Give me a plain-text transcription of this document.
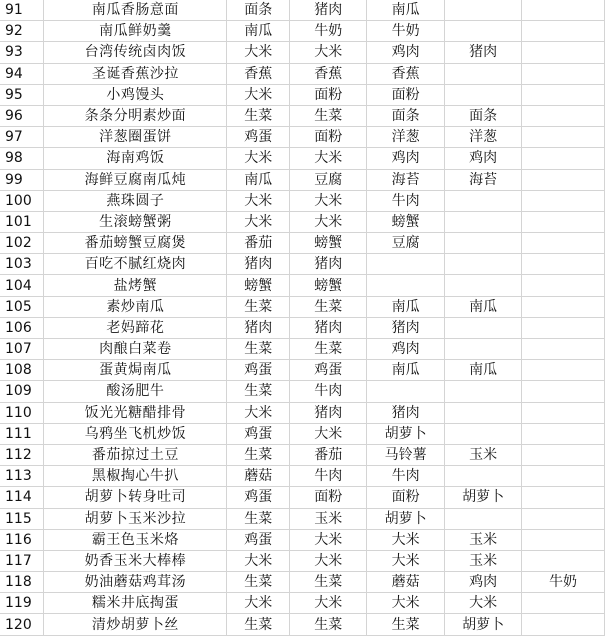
91	南瓜香肠意面	面条	猪肉	南瓜		
92	南瓜鲜奶羹	南瓜	牛奶	牛奶		
93	台湾传统卤肉饭	大米	大米	鸡肉	猪肉	
94	圣诞香蕉沙拉	香蕉	香蕉	香蕉		
95	小鸡馒头	大米	面粉	面粉		
96	条条分明素炒面	生菜	生菜	面条	面条	
97	洋葱圈蛋饼	鸡蛋	面粉	洋葱	洋葱	
98	海南鸡饭	大米	大米	鸡肉	鸡肉	
99	海鲜豆腐南瓜炖	南瓜	豆腐	海苔	海苔	
100	燕珠圆子	大米	大米	牛肉		
101	生滚螃蟹粥	大米	大米	螃蟹		
102	番茄螃蟹豆腐煲	番茄	螃蟹	豆腐		
103	百吃不腻红烧肉	猪肉	猪肉			
104	盐烤蟹	螃蟹	螃蟹			
105	素炒南瓜	生菜	生菜	南瓜	南瓜	
106	老妈蹄花	猪肉	猪肉	猪肉		
107	肉酿白菜卷	生菜	生菜	鸡肉		
108	蛋黄焗南瓜	鸡蛋	鸡蛋	南瓜	南瓜	
109	酸汤肥牛	生菜	牛肉			
110	饭光光糖醋排骨	大米	猪肉	猪肉		
111	乌鸦坐飞机炒饭	鸡蛋	大米	胡萝卜		
112	番茄掠过土豆	生菜	番茄	马铃薯	玉米	
113	黑椒掏心牛扒	蘑菇	牛肉	牛肉		
114	胡萝卜转身吐司	鸡蛋	面粉	面粉	胡萝卜	
115	胡萝卜玉米沙拉	生菜	玉米	胡萝卜		
116	霸王色玉米烙	鸡蛋	大米	大米	玉米	
117	奶香玉米大棒棒	大米	大米	大米	玉米	
118	奶油蘑菇鸡茸汤	生菜	生菜	蘑菇	鸡肉	牛奶
119	糯米井底掏蛋	大米	大米	大米	大米	
120	清炒胡萝卜丝	生菜	生菜	生菜	胡萝卜	
